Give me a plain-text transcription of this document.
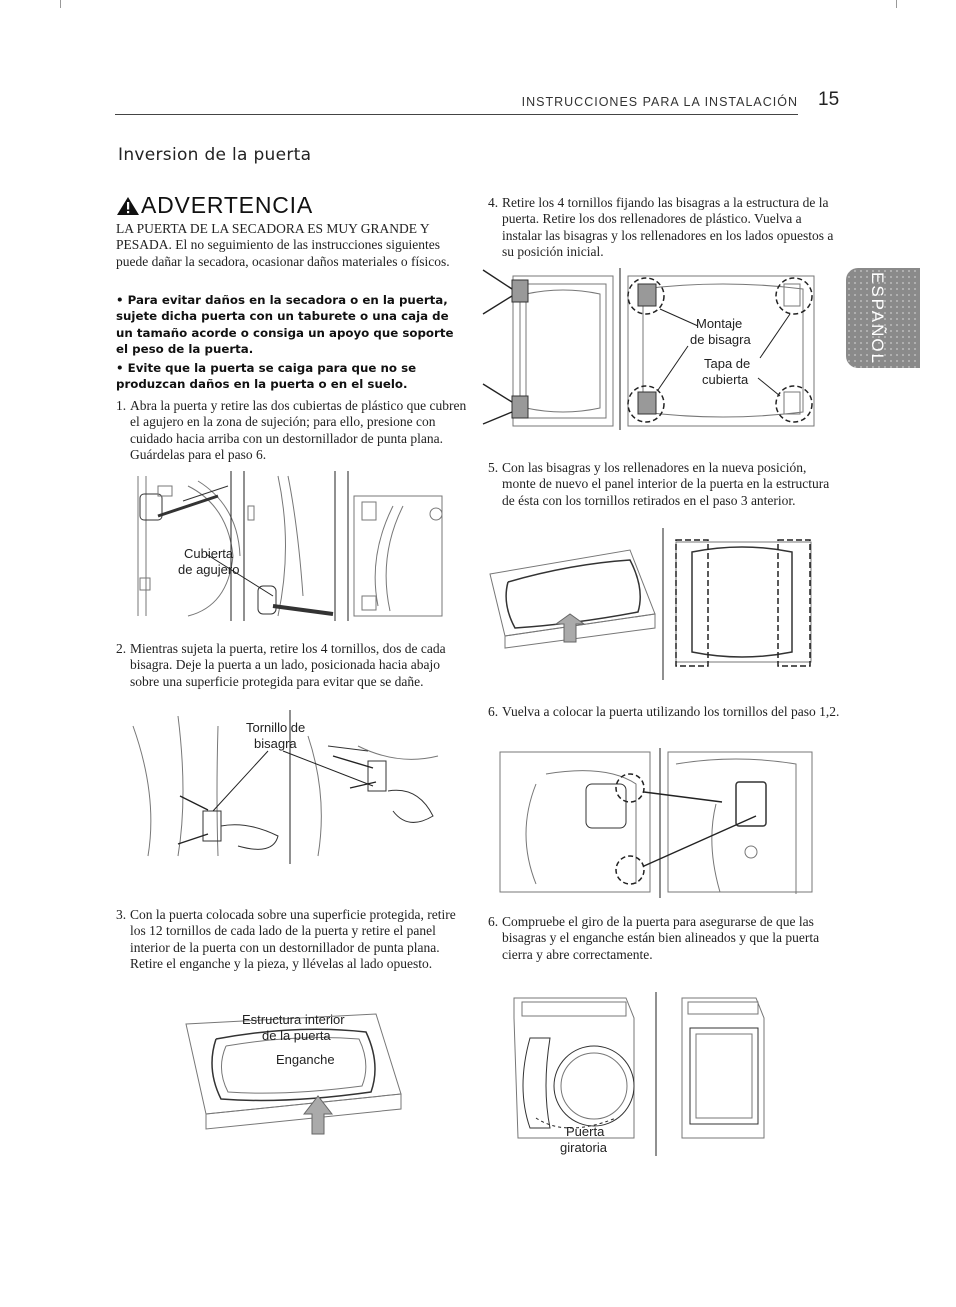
INSTRUCCIONES PARA LA INSTALACIÓN 15
Inversion de la puerta
ESPAÑOL
ADVERTENCIA
LA PUERTA DE LA SECADORA ES MUY GRANDE Y PESADA. El no seguimiento de las instrucciones siguientes puede dañar la secadora, ocasionar daños materiales o físicos.
• Para evitar daños en la secadora o en la puerta, sujete dicha puerta con un taburete o una caja de un tamaño acorde o consiga un apoyo que soporte el peso de la puerta.
• Evite que la puerta se caiga para que no se produzcan daños en la puerta o en el suelo.
1. Abra la puerta y retire las dos cubiertas de plástico que cubren el agujero en la zona de sujeción; para ello, presione con cuidado hacia arriba con un destornillador de punta plana. Guárdelas para el paso 6.
Cubierta
de agujero
2. Mientras sujeta la puerta, retire los 4 tornillos, dos de cada bisagra. Deje la puerta a un lado, posicionada hacia abajo sobre una superficie protegida para evitar que se dañe.
Tornillo de
bisagra
3. Con la puerta colocada sobre una superficie protegida, retire los 12 tornillos de cada lado de la puerta y retire el panel interior de la puerta con un destornillador de punta plana. Retire el enganche y la pieza, y llévelas al lado opuesto.
Estructura interior
de la puerta
Enganche
4. Retire los 4 tornillos fijando las bisagras a la estructura de la puerta. Retire los dos rellenadores de plástico. Vuelva a instalar las bisagras y los rellenadores en los lados opuestos a su posición inicial.
Montaje
de bisagra
Tapa de
cubierta
5. Con las bisagras y los rellenadores en la nueva posición, monte de nuevo el panel interior de la puerta en la estructura de ésta con los tornillos retirados en el paso 3 anterior.
6. Vuelva a colocar la puerta utilizando los tornillos del paso 1,2.
6. Compruebe el giro de la puerta para asegurarse de que las bisagras y el enganche están bien alineados y que la puerta cierra y abre correctamente.
Puerta
giratoria
